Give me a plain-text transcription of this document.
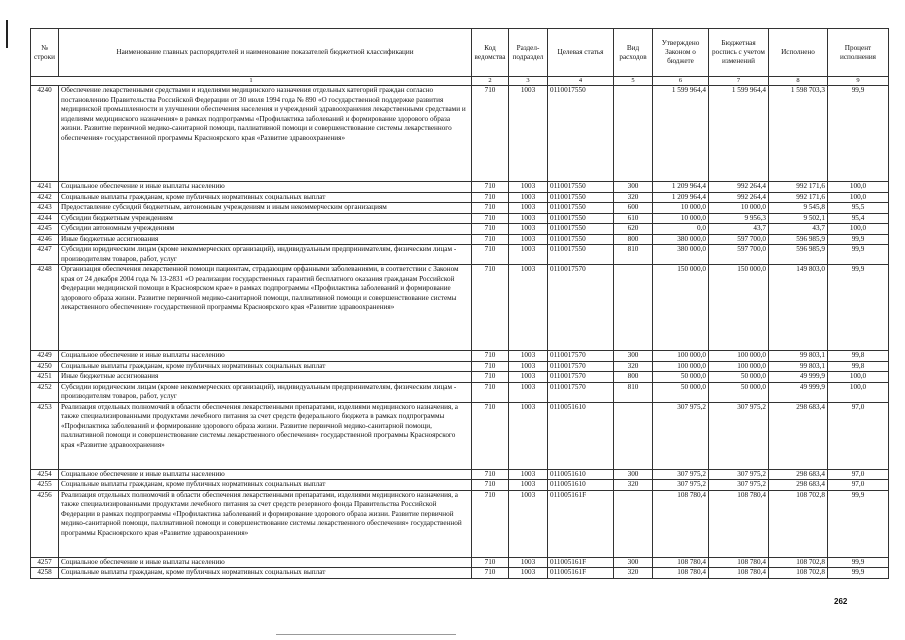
№ строки	Наименование главных распорядителей и наименование показателей бюджетной классификации	Код ведомства	Раздел-подраздел	Целевая статья	Вид расходов	Утверждено Законом о бюджете	Бюджетная роспись с учетом изменений	Исполнено	Процент исполнения
1		2	3	4	5	6	7	8	9
4240	Обеспечение лекарственными средствами и изделиями медицинского назначения отдельных категорий граждан согласно постановлению Правительства Российской Федерации от 30 июля 1994 года № 890 «О государственной поддержке развития медицинской промышленности и улучшении обеспечения населения и учреждений здравоохранения лекарственными средствами и изделиями медицинского назначения» в рамках подпрограммы «Профилактика заболеваний и формирование здорового образа жизни. Развитие первичной медико-санитарной помощи, паллиативной помощи и совершенствование системы лекарственного обеспечения» государственной программы Красноярского края «Развитие здравоохранения»	710	1003	0110017550		1 599 964,4	1 599 964,4	1 598 703,3	99,9
4241	Социальное обеспечение и иные выплаты населению	710	1003	0110017550	300	1 209 964,4	992 264,4	992 171,6	100,0
4242	Социальные выплаты гражданам, кроме публичных нормативных социальных выплат	710	1003	0110017550	320	1 209 964,4	992 264,4	992 171,6	100,0
4243	Предоставление субсидий бюджетным, автономным учреждениям и иным некоммерческим организациям	710	1003	0110017550	600	10 000,0	10 000,0	9 545,8	95,5
4244	Субсидии бюджетным учреждениям	710	1003	0110017550	610	10 000,0	9 956,3	9 502,1	95,4
4245	Субсидии автономным учреждениям	710	1003	0110017550	620	0,0	43,7	43,7	100,0
4246	Иные бюджетные ассигнования	710	1003	0110017550	800	380 000,0	597 700,0	596 985,9	99,9
4247	Субсидии юридическим лицам (кроме некоммерческих организаций), индивидуальным предпринимателям, физическим лицам - производителям товаров, работ, услуг	710	1003	0110017550	810	380 000,0	597 700,0	596 985,9	99,9
4248	Организация обеспечения лекарственной помощи пациентам, страдающим орфанными заболеваниями, в соответствии с Законом края от 24 декабря 2004 года № 13-2831 «О реализации государственных гарантий бесплатного оказания гражданам Российской Федерации медицинской помощи в Красноярском крае» в рамках подпрограммы «Профилактика заболеваний и формирование здорового образа жизни. Развитие первичной медико-санитарной помощи, паллиативной помощи и совершенствование системы лекарственного обеспечения» государственной программы Красноярского края «Развитие здравоохранения»	710	1003	0110017570		150 000,0	150 000,0	149 803,0	99,9
4249	Социальное обеспечение и иные выплаты населению	710	1003	0110017570	300	100 000,0	100 000,0	99 803,1	99,8
4250	Социальные выплаты гражданам, кроме публичных нормативных социальных выплат	710	1003	0110017570	320	100 000,0	100 000,0	99 803,1	99,8
4251	Иные бюджетные ассигнования	710	1003	0110017570	800	50 000,0	50 000,0	49 999,9	100,0
4252	Субсидии юридическим лицам (кроме некоммерческих организаций), индивидуальным предпринимателям, физическим лицам - производителям товаров, работ, услуг	710	1003	0110017570	810	50 000,0	50 000,0	49 999,9	100,0
4253	Реализация отдельных полномочий в области обеспечения лекарственными препаратами, изделиями медицинского назначения, а также специализированными продуктами лечебного питания за счет средств федерального бюджета в рамках подпрограммы «Профилактика заболеваний и формирование здорового образа жизни. Развитие первичной медико-санитарной помощи, паллиативной помощи и совершенствование системы лекарственного обеспечения» государственной программы Красноярского края «Развитие здравоохранения»	710	1003	0110051610		307 975,2	307 975,2	298 683,4	97,0
4254	Социальное обеспечение и иные выплаты населению	710	1003	0110051610	300	307 975,2	307 975,2	298 683,4	97,0
4255	Социальные выплаты гражданам, кроме публичных нормативных социальных выплат	710	1003	0110051610	320	307 975,2	307 975,2	298 683,4	97,0
4256	Реализация отдельных полномочий в области обеспечения лекарственными препаратами, изделиями медицинского назначения, а также специализированными продуктами лечебного питания за счет средств резервного фонда Правительства Российской Федерации в рамках подпрограммы «Профилактика заболеваний и формирование здорового образа жизни. Развитие первичной медико-санитарной помощи, паллиативной помощи и совершенствование системы лекарственного обеспечения» государственной программы Красноярского края «Развитие здравоохранения»	710	1003	011005161F		108 780,4	108 780,4	108 702,8	99,9
4257	Социальное обеспечение и иные выплаты населению	710	1003	011005161F	300	108 780,4	108 780,4	108 702,8	99,9
4258	Социальные выплаты гражданам, кроме публичных нормативных социальных выплат	710	1003	011005161F	320	108 780,4	108 780,4	108 702,8	99,9
262
